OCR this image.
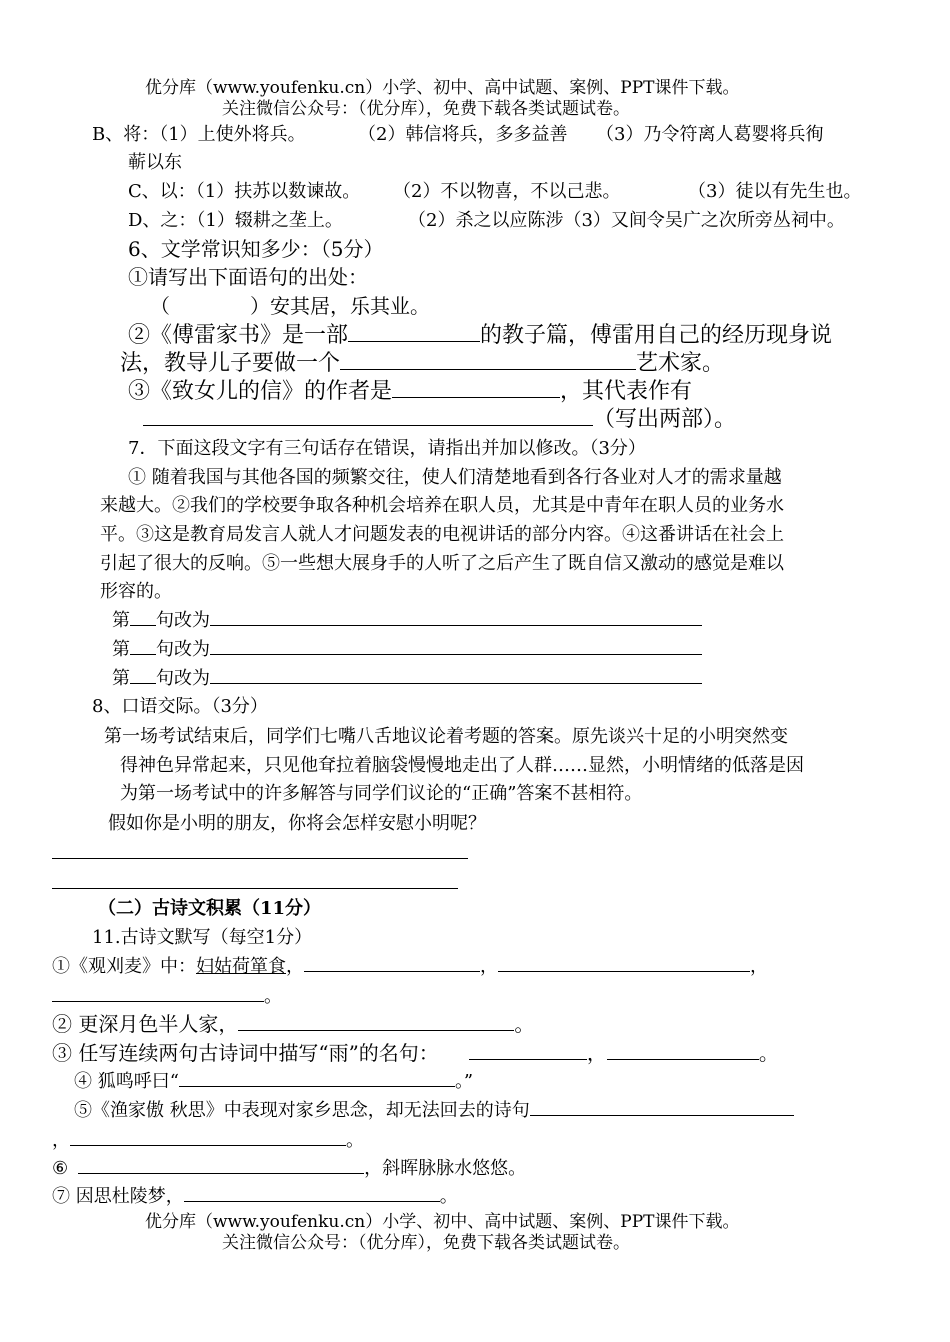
优分库（www.youfenku.cn）小学、初中、高中试题、案例、PPT课件下载。
关注微信公众号：（优分库），免费下载各类试题试卷。
B、将：（1）上使外将兵。	（2）韩信将兵，多多益善 （3）乃令符离人葛婴将兵徇
蕲以东
C、以：（1）扶苏以数谏故。 （2）不以物喜，不以己悲。	（3）徒以有先生也。
D、之：（1）辍耕之垄上。	（2）杀之以应陈涉（3）又间令吴广之次所旁丛祠中。
6、文学常识知多少：（5分）
①请写出下面语句的出处：
（　　　　）安其居，乐其业。
②《傅雷家书》是一部	的教子篇，傅雷用自己的经历现身说
法，教导儿子要做一个	艺术家。
③《致女儿的信》的作者是	，其代表作有
（写出两部）。
7．下面这段文字有三句话存在错误，请指出并加以修改。（3分）
① 随着我国与其他各国的频繁交往，使人们清楚地看到各行各业对人才的需求量越
来越大。②我们的学校要争取各种机会培养在职人员，尤其是中青年在职人员的业务水
平。③这是教育局发言人就人才问题发表的电视讲话的部分内容。④这番讲话在社会上
引起了很大的反响。⑤一些想大展身手的人听了之后产生了既自信又激动的感觉是难以
形容的。
第 句改为
第 句改为
第 句改为
8、口语交际。（3分）
第一场考试结束后，同学们七嘴八舌地议论着考题的答案。原先谈兴十足的小明突然变
得神色异常起来，只见他耷拉着脑袋慢慢地走出了人群……显然，小明情绪的低落是因
为第一场考试中的许多解答与同学们议论的“正确”答案不甚相符。
假如你是小明的朋友，你将会怎样安慰小明呢？
（二）古诗文积累（11分）
11.古诗文默写（每空1分）
①《观刈麦》中：妇姑荷箪食，	，	，
。
② 更深月色半人家，	。
③ 任写连续两句古诗词中描写“雨”的名句：	，	。
④ 狐鸣呼曰“	。”
⑤《渔家傲 秋思》中表现对家乡思念，却无法回去的诗句
，	。
⑥	，斜晖脉脉水悠悠。
⑦ 因思杜陵梦，	。
优分库（www.youfenku.cn）小学、初中、高中试题、案例、PPT课件下载。
关注微信公众号：（优分库），免费下载各类试题试卷。
